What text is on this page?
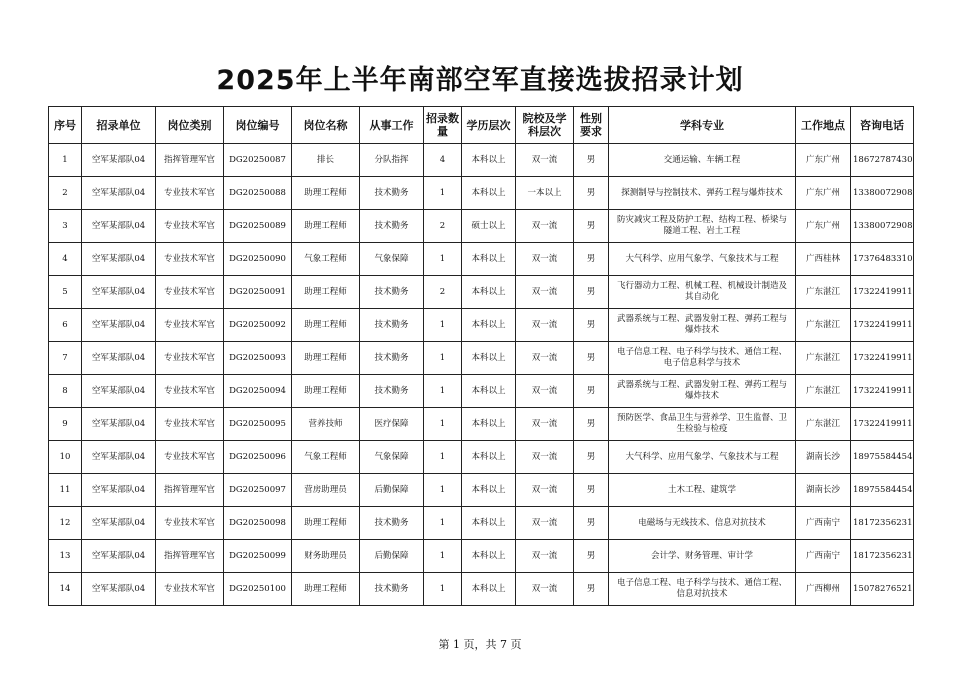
2025年上半年南部空军直接选拔招录计划
序号	招录单位	岗位类别	岗位编号	岗位名称	从事工作	招录数量	学历层次	院校及学科层次	性别要求	学科专业	工作地点	咨询电话
1	空军某部队04	指挥管理军官	DG20250087	排长	分队指挥	4	本科以上	双一流	男	交通运输、车辆工程	广东广州	18672787430
2	空军某部队04	专业技术军官	DG20250088	助理工程师	技术勤务	1	本科以上	一本以上	男	探测制导与控制技术、弹药工程与爆炸技术	广东广州	13380072908
3	空军某部队04	专业技术军官	DG20250089	助理工程师	技术勤务	2	硕士以上	双一流	男	防灾减灾工程及防护工程、结构工程、桥梁与隧道工程、岩土工程	广东广州	13380072908
4	空军某部队04	专业技术军官	DG20250090	气象工程师	气象保障	1	本科以上	双一流	男	大气科学、应用气象学、气象技术与工程	广西桂林	17376483310
5	空军某部队04	专业技术军官	DG20250091	助理工程师	技术勤务	2	本科以上	双一流	男	飞行器动力工程、机械工程、机械设计制造及其自动化	广东湛江	17322419911
6	空军某部队04	专业技术军官	DG20250092	助理工程师	技术勤务	1	本科以上	双一流	男	武器系统与工程、武器发射工程、弹药工程与爆炸技术	广东湛江	17322419911
7	空军某部队04	专业技术军官	DG20250093	助理工程师	技术勤务	1	本科以上	双一流	男	电子信息工程、电子科学与技术、通信工程、电子信息科学与技术	广东湛江	17322419911
8	空军某部队04	专业技术军官	DG20250094	助理工程师	技术勤务	1	本科以上	双一流	男	武器系统与工程、武器发射工程、弹药工程与爆炸技术	广东湛江	17322419911
9	空军某部队04	专业技术军官	DG20250095	营养技师	医疗保障	1	本科以上	双一流	男	预防医学、食品卫生与营养学、卫生监督、卫生检验与检疫	广东湛江	17322419911
10	空军某部队04	专业技术军官	DG20250096	气象工程师	气象保障	1	本科以上	双一流	男	大气科学、应用气象学、气象技术与工程	湖南长沙	18975584454
11	空军某部队04	指挥管理军官	DG20250097	营房助理员	后勤保障	1	本科以上	双一流	男	土木工程、建筑学	湖南长沙	18975584454
12	空军某部队04	专业技术军官	DG20250098	助理工程师	技术勤务	1	本科以上	双一流	男	电磁场与无线技术、信息对抗技术	广西南宁	18172356231
13	空军某部队04	指挥管理军官	DG20250099	财务助理员	后勤保障	1	本科以上	双一流	男	会计学、财务管理、审计学	广西南宁	18172356231
14	空军某部队04	专业技术军官	DG20250100	助理工程师	技术勤务	1	本科以上	双一流	男	电子信息工程、电子科学与技术、通信工程、信息对抗技术	广西柳州	15078276521
第 1 页，共 7 页
